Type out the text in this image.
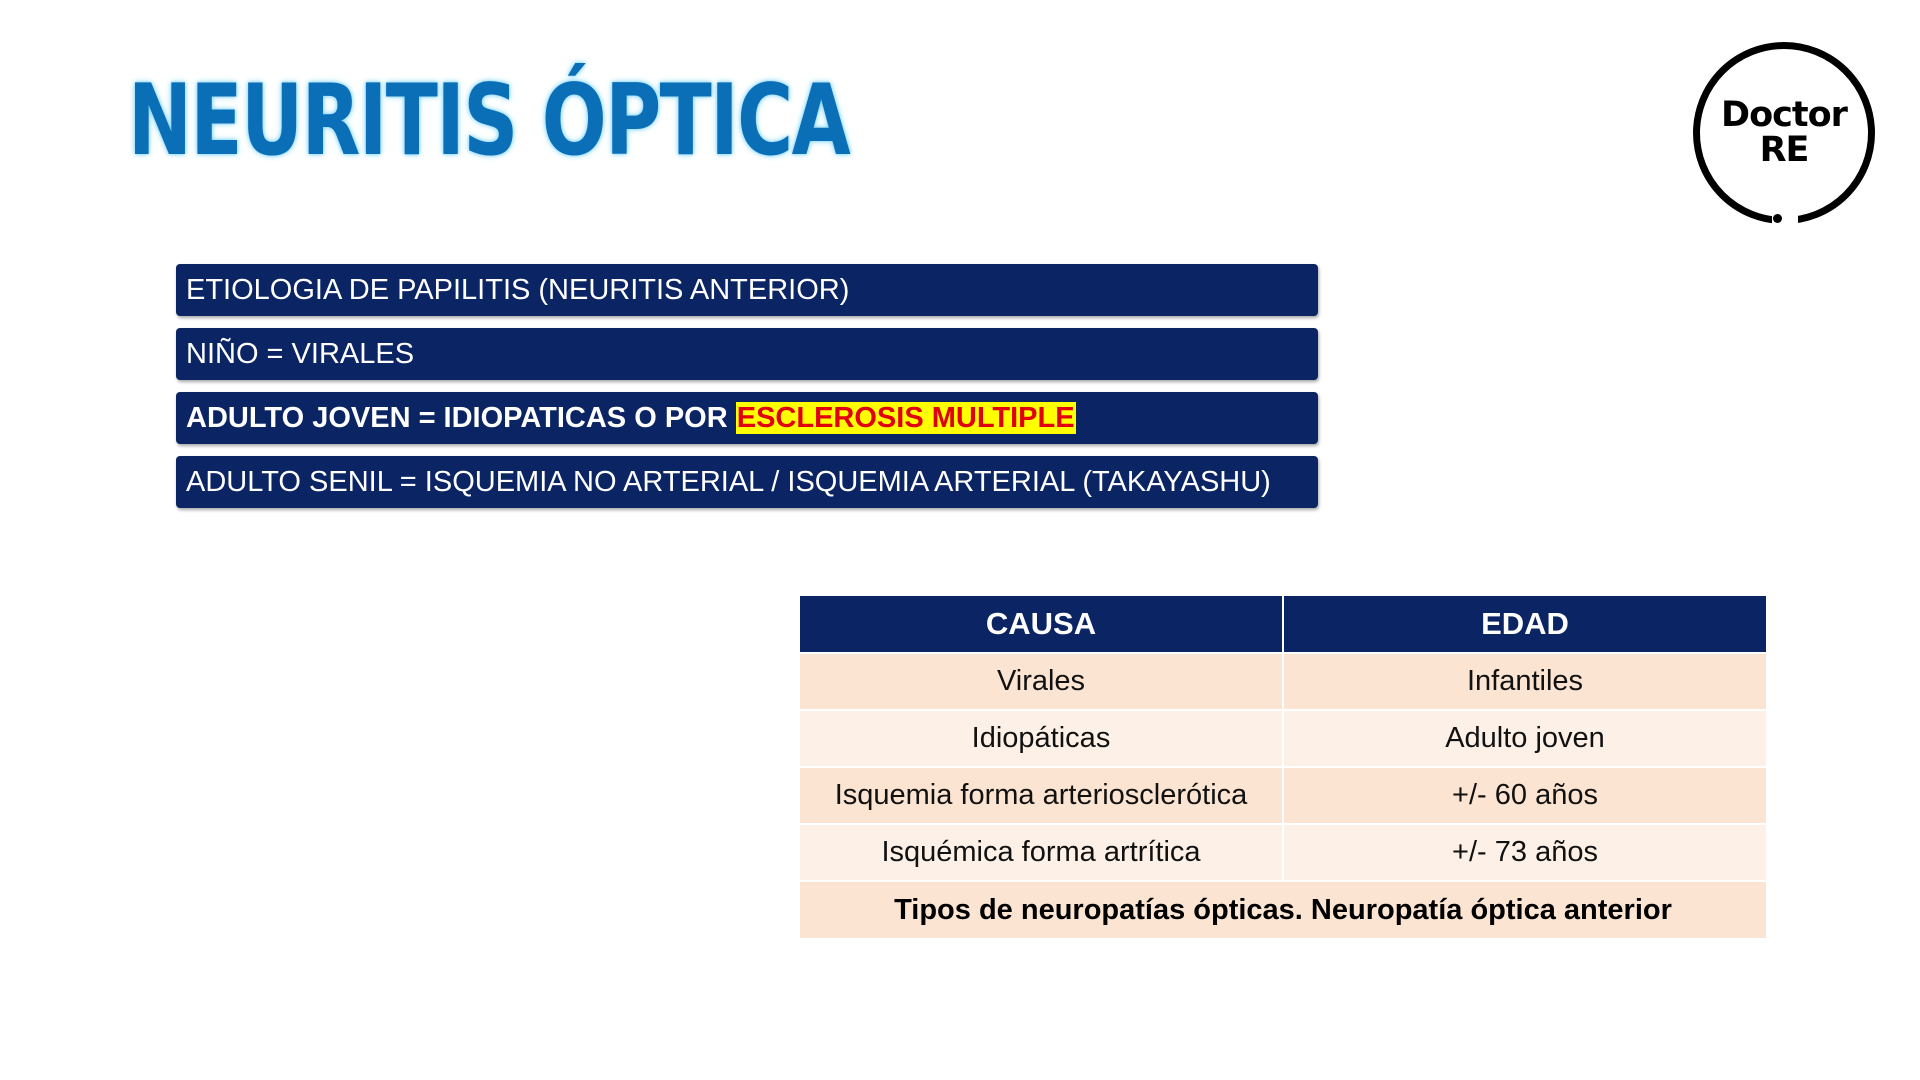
NEURITIS ÓPTICA	Doctor
RE
ETIOLOGIA DE PAPILITIS (NEURITIS ANTERIOR)
NIÑO = VIRALES
ADULTO JOVEN = IDIOPATICAS O POR ESCLEROSIS MULTIPLE
ADULTO SENIL = ISQUEMIA NO ARTERIAL / ISQUEMIA ARTERIAL (TAKAYASHU)
CAUSA	EDAD
Virales	Infantiles
Idiopáticas	Adulto joven
Isquemia forma arteriosclerótica	+/- 60 años
Isquémica forma artrítica	+/- 73 años
Tipos de neuropatías ópticas. Neuropatía óptica anterior	
